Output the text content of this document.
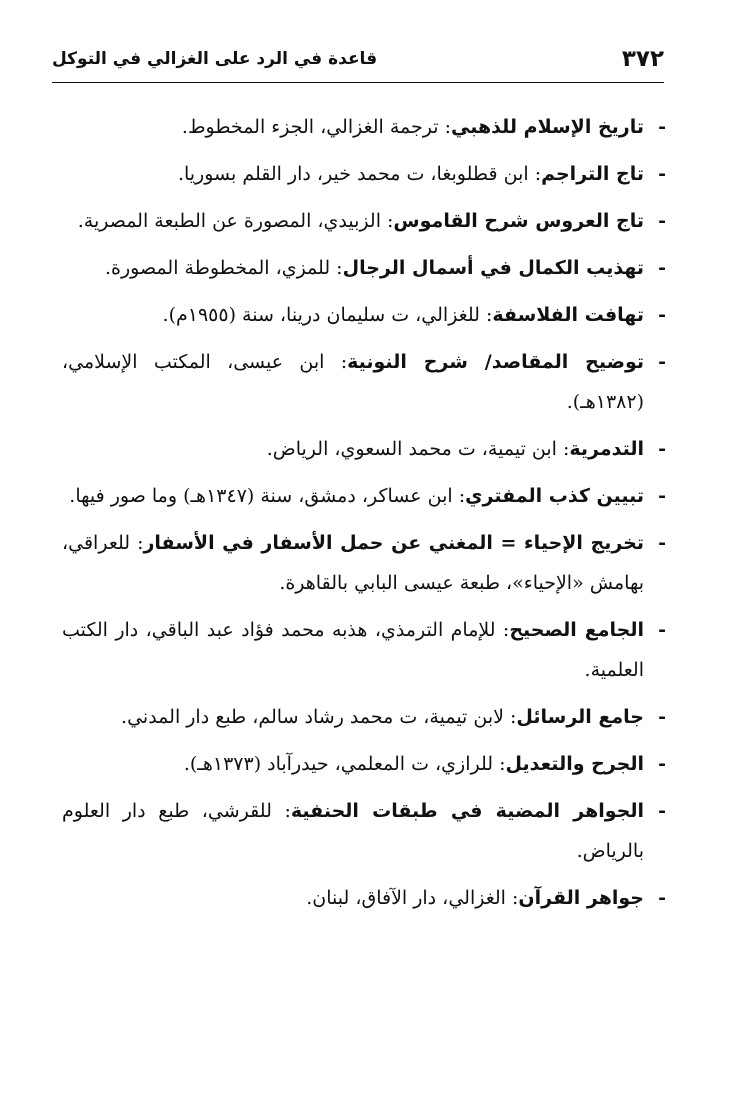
٣٧٢
قاعدة في الرد على الغزالي في التوكل
-
تاريخ الإسلام للذهبي: ترجمة الغزالي، الجزء المخطوط.
-
تاج التراجم: ابن قطلوبغا، ت محمد خير، دار القلم بسوريا.
-
تاج العروس شرح القاموس: الزبيدي، المصورة عن الطبعة المصرية.
-
تهذيب الكمال في أسمال الرجال: للمزي، المخطوطة المصورة.
-
تهافت الفلاسفة: للغزالي، ت سليمان درينا، سنة (١٩٥٥م).
-
توضيح المقاصد/ شرح النونية: ابن عيسى، المكتب الإسلامي، (١٣٨٢هـ).
-
التدمرية: ابن تيمية، ت محمد السعوي، الرياض.
-
تبيين كذب المفتري: ابن عساكر، دمشق، سنة (١٣٤٧هـ) وما صور فيها.
-
تخريج الإحياء = المغني عن حمل الأسفار في الأسفار: للعراقي، بهامش «الإحياء»، طبعة عيسى البابي بالقاهرة.
-
الجامع الصحيح: للإمام الترمذي، هذبه محمد فؤاد عبد الباقي، دار الكتب العلمية.
-
جامع الرسائل: لابن تيمية، ت محمد رشاد سالم، طبع دار المدني.
-
الجرح والتعديل: للرازي، ت المعلمي، حيدرآباد (١٣٧٣هـ).
-
الجواهر المضية في طبقات الحنفية: للقرشي، طبع دار العلوم بالرياض.
-
جواهر القرآن: الغزالي، دار الآفاق، لبنان.
